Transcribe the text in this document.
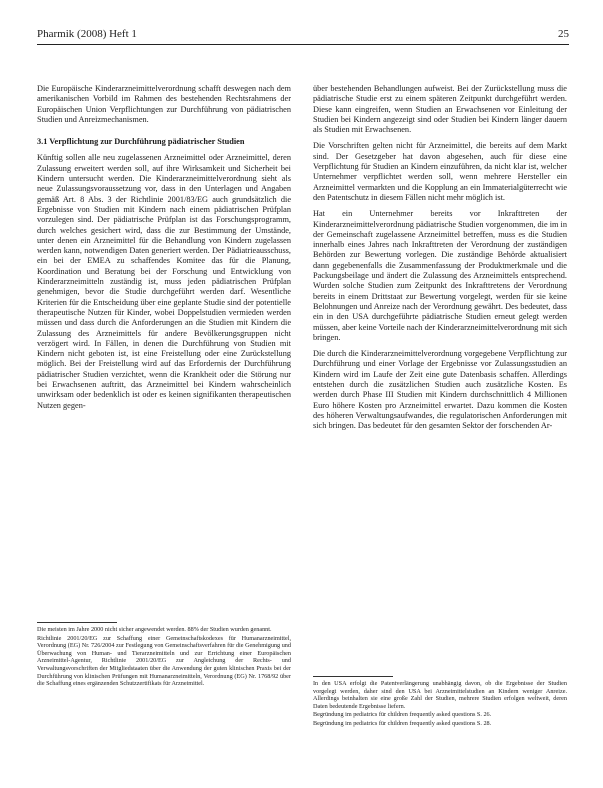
Pharmik (2008) Heft 1	25

Die Europäische Kinderarzneimittelverordnung schafft deswegen nach dem amerikanischen Vorbild im Rahmen des bestehenden Rechtsrahmens der Europäischen Union Verpflichtungen zur Durchführung von pädiatrischen Studien und Anreizmechanismen.

3.1 Verpflichtung zur Durchführung pädiatrischer Studien

Künftig sollen alle neu zugelassenen Arzneimittel oder Arzneimittel, deren Zulassung erweitert werden soll, auf ihre Wirksamkeit und Sicherheit bei Kindern untersucht werden. Die Kinderarzneimittelverordnung sieht als neue Zulassungsvoraussetzung vor, dass in den Unterlagen und Angaben gemäß Art. 8 Abs. 3 der Richtlinie 2001/83/EG auch grundsätzlich die Ergebnisse von Studien mit Kindern nach einem pädiatrischen Prüfplan vorzulegen sind. Der pädiatrische Prüfplan ist das Forschungsprogramm, durch welches gesichert wird, dass die zur Bestimmung der Umstände, unter denen ein Arzneimittel für die Behandlung von Kindern zugelassen werden kann, notwendigen Daten generiert werden. Der Pädiatrieausschuss, ein bei der EMEA zu schaffendes Komitee das für die Planung, Koordination und Beratung bei der Forschung und Entwicklung von Kinderarzneimitteln zuständig ist, muss jeden pädiatrischen Prüfplan genehmigen, bevor die Studie durchgeführt werden darf. Wesentliche Kriterien für die Entscheidung über eine geplante Studie sind der potentielle therapeutische Nutzen für Kinder, wobei Doppelstudien vermieden werden müssen und dass durch die Anforderungen an die Studien mit Kindern die Zulassung des Arzneimittels für andere Bevölkerungsgruppen nicht verzögert wird. In Fällen, in denen die Durchführung von Studien mit Kindern nicht geboten ist, ist eine Freistellung oder eine Zurückstellung möglich. Bei der Freistellung wird auf das Erfordernis der Durchführung pädiatrischer Studien verzichtet, wenn die Krankheit oder die Störung nur bei Erwachsenen auftritt, das Arzneimittel bei Kindern wahrscheinlich unwirksam oder bedenklich ist oder es keinen signifikanten therapeutischen Nutzen gegen-

über bestehenden Behandlungen aufweist. Bei der Zurückstellung muss die pädiatrische Studie erst zu einem späteren Zeitpunkt durchgeführt werden. Diese kann eingreifen, wenn Studien an Erwachsenen vor Einleitung der Studien bei Kindern angezeigt sind oder Studien bei Kindern länger dauern als Studien mit Erwachsenen.

Die Vorschriften gelten nicht für Arzneimittel, die bereits auf dem Markt sind. Der Gesetzgeber hat davon abgesehen, auch für diese eine Verpflichtung für Studien an Kindern einzuführen, da nicht klar ist, welcher Unternehmer verpflichtet werden soll, wenn mehrere Hersteller ein Arzneimittel vermarkten und die Kopplung an ein Immaterialgüterrecht wie den Patentschutz in diesem Fällen nicht mehr möglich ist.

Hat ein Unternehmer bereits vor Inkrafttreten der Kinderarzneimittelverordnung pädiatrische Studien vorgenommen, die im in der Gemeinschaft zugelassene Arzneimittel betreffen, muss es die Studien innerhalb eines Jahres nach Inkrafttreten der Verordnung der zuständigen Behörden zur Bewertung vorlegen. Die zuständige Behörde aktualisiert dann gegebenenfalls die Zusammenfassung der Produktmerkmale und die Packungsbeilage und ändert die Zulassung des Arzneimittels entsprechend. Wurden solche Studien zum Zeitpunkt des Inkrafttretens der Verordnung bereits in einem Drittstaat zur Bewertung vorgelegt, werden für sie keine Belohnungen und Anreize nach der Verordnung gewährt. Des bedeutet, dass ein in den USA durchgeführte pädiatrische Studien erneut gelegt werden müssen, aber keine Vorteile nach der Kinderarzneimittelverordnung mit sich bringen.

Die durch die Kinderarzneimittelverordnung vorgegebene Verpflichtung zur Durchführung und einer Vorlage der Ergebnisse vor Zulassungsstudien an Kindern wird im Laufe der Zeit eine gute Datenbasis schaffen. Allerdings entstehen durch die zusätzlichen Studien auch zusätzliche Kosten. Es werden durch Phase III Studien mit Kindern durchschnittlich 4 Millionen Euro höhere Kosten pro Arzneimittel erwartet. Dazu kommen die Kosten des höheren Verwaltungsaufwandes, die regulatorischen Anforderungen mit sich bringen. Das bedeutet für den gesamten Sektor der forschenden Ar-

Die meisten im Jahre 2000 nicht sicher angewendet werden. 88% der Studien wurden genannt.

Richtlinie 2001/20/EG zur Schaffung einer Gemeinschaftskodexes für Humanarzneimittel, Verordnung (EG) Nr. 726/2004 zur Festlegung von Gemeinschaftsverfahren für die Genehmigung und Überwachung von Human- und Tierarzneimitteln und zur Errichtung einer Europäischen Arzneimittel-Agentur, Richtlinie 2001/20/EG zur Angleichung der Rechts- und Verwaltungsvorschriften der Mitgliedstaaten über die Anwendung der guten klinischen Praxis bei der Durchführung von klinischen Prüfungen mit Humanarzneimitteln, Verordnung (EG) Nr. 1768/92 über die Schaffung eines ergänzenden Schutzzertifikats für Arzneimittel.	In den USA erfolgt die Patentverlängerung unabhängig davon, ob die Ergebnisse der Studien vorgelegt werden, daher sind den USA bei Arzneimittelstudien an Kindern weniger Anreize. Allerdings beinhalten sie eine große Zahl der Studien, mehrere Studien erfolgen weltweit, deren Daten bedeutende Ergebnisse liefern.

Begründung im pediatrics für children frequently asked questions S. 26.

Begründung im pediatrics für children frequently asked questions S. 28.
